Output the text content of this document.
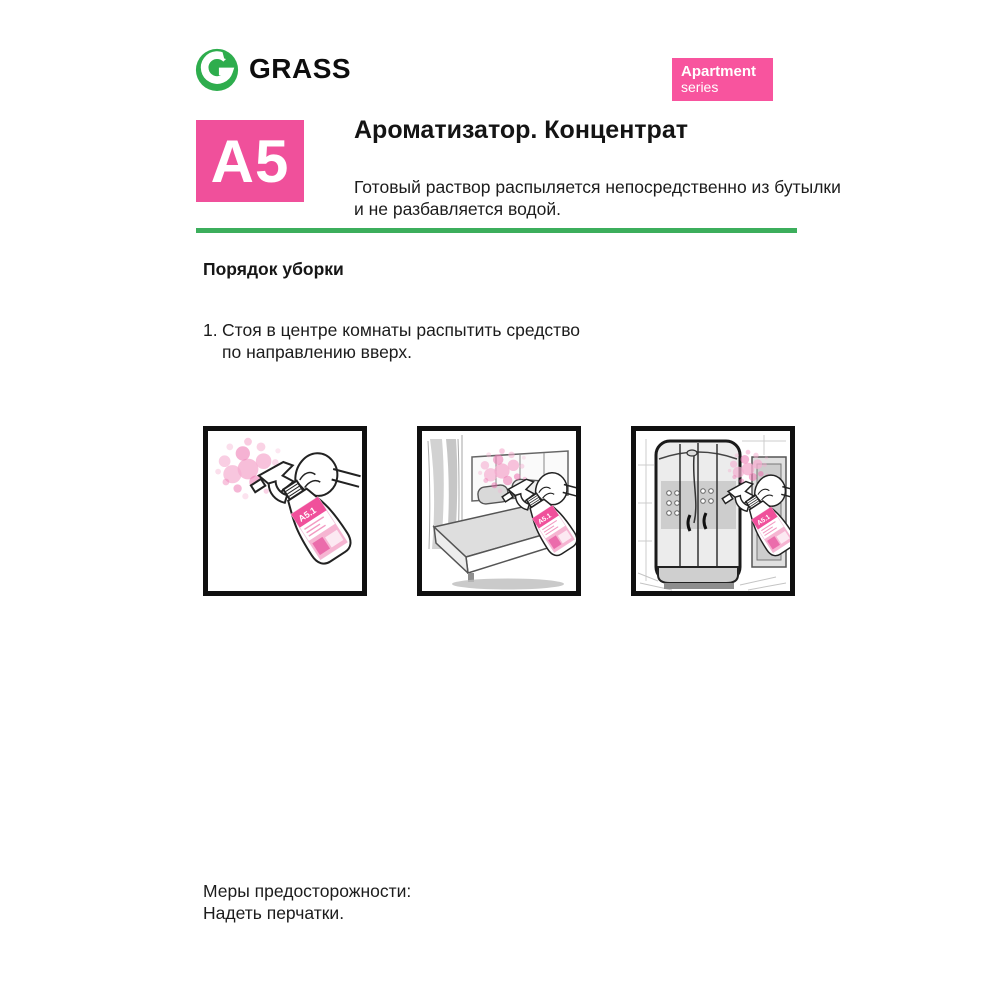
GRASS	Apartment
series
A5	Ароматизатор. Концентрат

Готовый раствор распыляется непосредственно из бутылки
и не разбавляется водой.

Порядок уборки
1. Стоя в центре комнаты распытить средство
по направлению вверх.
Меры предосторожности:
Надеть перчатки.
